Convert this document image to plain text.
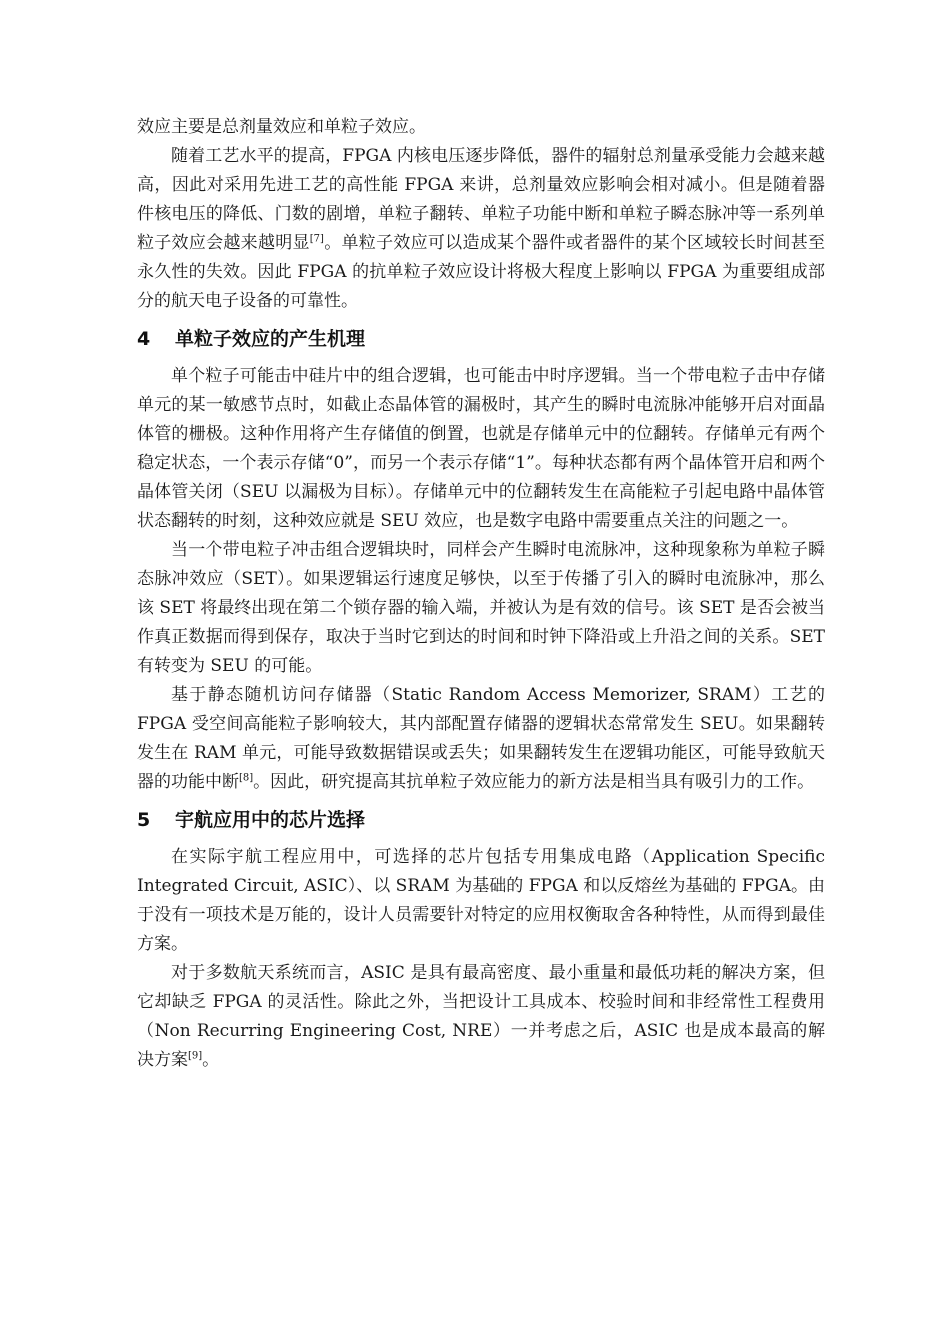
效应主要是总剂量效应和单粒子效应。

随着工艺水平的提高，FPGA 内核电压逐步降低，器件的辐射总剂量承受能力会越来越高，因此对采用先进工艺的高性能 FPGA 来讲，总剂量效应影响会相对减小。但是随着器件核电压的降低、门数的剧增，单粒子翻转、单粒子功能中断和单粒子瞬态脉冲等一系列单粒子效应会越来越明显[7]。单粒子效应可以造成某个器件或者器件的某个区域较长时间甚至永久性的失效。因此 FPGA 的抗单粒子效应设计将极大程度上影响以 FPGA 为重要组成部分的航天电子设备的可靠性。

4	单粒子效应的产生机理

单个粒子可能击中硅片中的组合逻辑，也可能击中时序逻辑。当一个带电粒子击中存储单元的某一敏感节点时，如截止态晶体管的漏极时，其产生的瞬时电流脉冲能够开启对面晶体管的栅极。这种作用将产生存储值的倒置，也就是存储单元中的位翻转。存储单元有两个稳定状态，一个表示存储“0”，而另一个表示存储“1”。每种状态都有两个晶体管开启和两个晶体管关闭（SEU 以漏极为目标）。存储单元中的位翻转发生在高能粒子引起电路中晶体管状态翻转的时刻，这种效应就是 SEU 效应，也是数字电路中需要重点关注的问题之一。

当一个带电粒子冲击组合逻辑块时，同样会产生瞬时电流脉冲，这种现象称为单粒子瞬态脉冲效应（SET）。如果逻辑运行速度足够快，以至于传播了引入的瞬时电流脉冲，那么该 SET 将最终出现在第二个锁存器的输入端，并被认为是有效的信号。该 SET 是否会被当作真正数据而得到保存，取决于当时它到达的时间和时钟下降沿或上升沿之间的关系。SET 有转变为 SEU 的可能。

基于静态随机访问存储器（Static Random Access Memorizer, SRAM）工艺的 FPGA 受空间高能粒子影响较大，其内部配置存储器的逻辑状态常常发生 SEU。如果翻转发生在 RAM 单元，可能导致数据错误或丢失；如果翻转发生在逻辑功能区，可能导致航天器的功能中断[8]。因此，研究提高其抗单粒子效应能力的新方法是相当具有吸引力的工作。

5	宇航应用中的芯片选择

在实际宇航工程应用中，可选择的芯片包括专用集成电路（Application Specific Integrated Circuit, ASIC）、以 SRAM 为基础的 FPGA 和以反熔丝为基础的 FPGA。由于没有一项技术是万能的，设计人员需要针对特定的应用权衡取舍各种特性，从而得到最佳方案。

对于多数航天系统而言，ASIC 是具有最高密度、最小重量和最低功耗的解决方案，但它却缺乏 FPGA 的灵活性。除此之外，当把设计工具成本、校验时间和非经常性工程费用（Non Recurring Engineering Cost, NRE）一并考虑之后，ASIC 也是成本最高的解决方案[9]。
